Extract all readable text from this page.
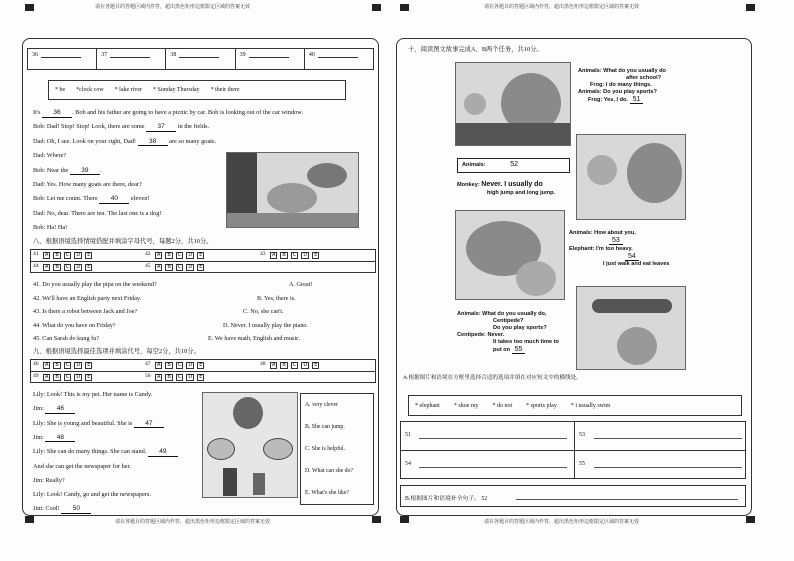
请在各题目的答题区域内作答，超出黑色矩形边框限定区域的答案无效	请在各题目的答题区域内作答，超出黑色矩形边框限定区域的答案无效
请在各题目的答题区域内作答，超出黑色矩形边框限定区域的答案无效	请在各题目的答题区域内作答，超出黑色矩形边框限定区域的答案无效
36	37	38	39	40
* be *clock cow * lake river * Sunday Thursday * their there
It's 36 . Bob and his father are going to have a picnic by car. Bob is looking out of the car window.
Bob: Dad! Stop! Stop! Look, there are some 37 in the fields.
Dad: Oh, I see. Look on your right, Dad! 38 are so many goats.
Dad: Where?
Bob: Near the 39 .
Dad: Yes. How many goats are there, dear?
Bob: Let me count. There 40 eleven!
Dad: No, dear. There are ten. The last one is a dog!
Bob: Ha! Ha!
八、根据语境选择情境搭配并填涂字母代号，每题2分，共10分。
41	A	B	C	D	E	42	A	B	C	D	E	43	A	B	C	D	E
44	A	B	C	D	E	45	A	B	C	D	E
41. Do you usually play the pipa on the weekend?	A. Great!
42. We'll have an English party next Friday.	B. Yes, there is.
43. Is there a robot between Jack and Joe?	C. No, she can't.
44. What do you have on Friday?	D. Never. I usually play the piano.
45. Can Sarah do kung fu?	E. We have math, English and music.
九、根据语境选择最佳选项并填涂代号，每空2分，共10分。
46	A	B	C	D	E	47	A	B	C	D	E	48	A	B	C	D	E
49	A	B	C	D	E	50	A	B	C	D	E
Lily: Look! This is my pet. Her name is Candy.
Jim: 46
Lily: She is young and beautiful. She is 47
Jim: 48
Lily: She can do many things. She can stand. 49
And she can get the newspaper for her.
Jim: Really?
Lily: Look! Candy, go and get the newspapers.
Jim: Cool! 50
A. very clever
B. She can jump.
C. She is helpful.
D. What can she do?
E. What's she like?
十、阅读图文故事完成A、B两个任务，共10分。
Animals: What do you usually do
after school?
Frog: I do many things.
Animals: Do you play sports?
Frog: Yes, I do. 51
Animals:	52
Monkey: Never. I usually do
high jump and long jump.
Animals: How about you,
53
Elephant: I'm too heavy.
54
I just walk and eat leaves
Animals: What do you usually do,
Centipede?
Do you play sports?
Centipede: Never.
It takes too much time to
put on 55
A.根据图片和语境在方框里选择合适的选项并填在对应短文中的横线处。
* elephant * shoe my * do not * sports play * i usually swim
51	53
54	55
B.根据图片和语境补全句子。 52
